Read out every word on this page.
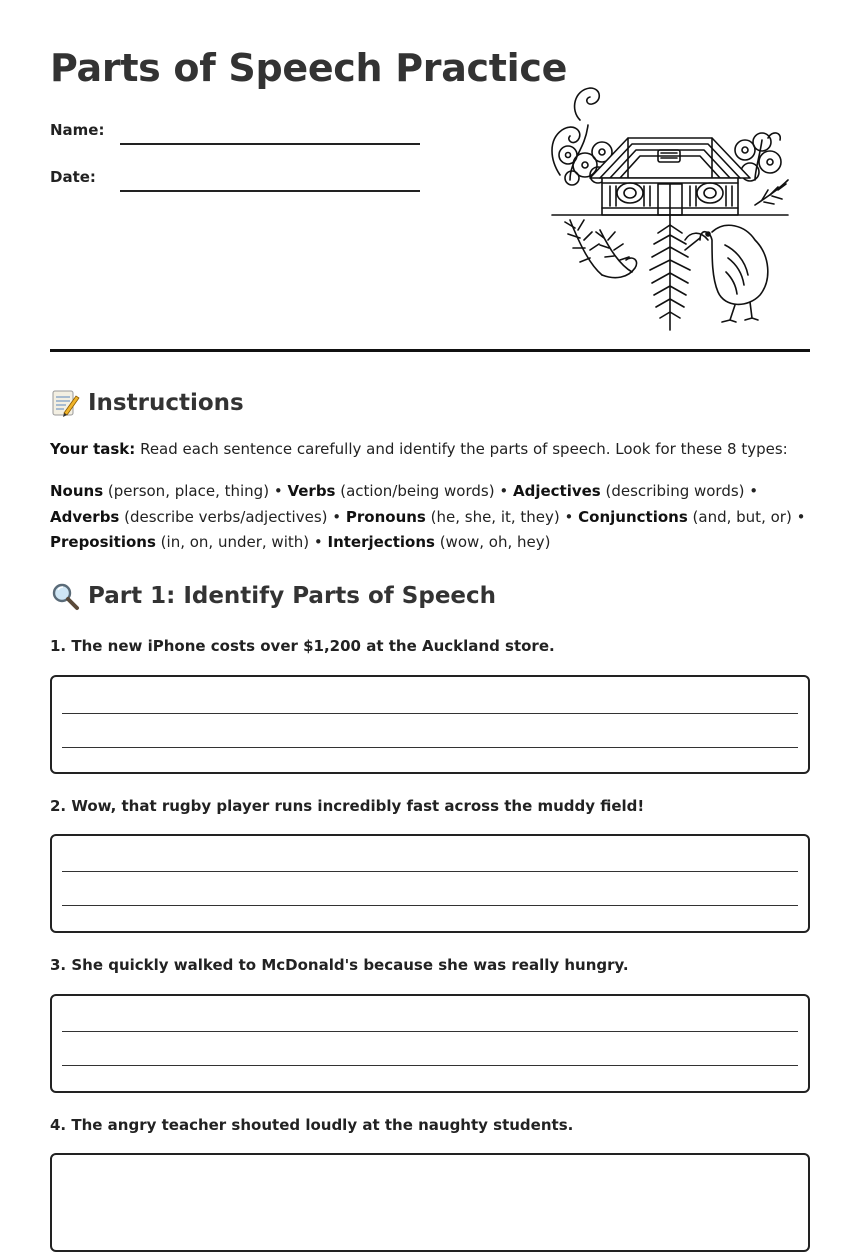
Parts of Speech Practice
Name:
Date:
Instructions

Your task: Read each sentence carefully and identify the parts of speech. Look for these 8 types:

Nouns (person, place, thing) • Verbs (action/being words) • Adjectives (describing words) • Adverbs (describe verbs/adjectives) • Pronouns (he, she, it, they) • Conjunctions (and, but, or) • Prepositions (in, on, under, with) • Interjections (wow, oh, hey)

Part 1: Identify Parts of Speech
1. The new iPhone costs over $1,200 at the Auckland store.
2. Wow, that rugby player runs incredibly fast across the muddy field!
3. She quickly walked to McDonald's because she was really hungry.
4. The angry teacher shouted loudly at the naughty students.
